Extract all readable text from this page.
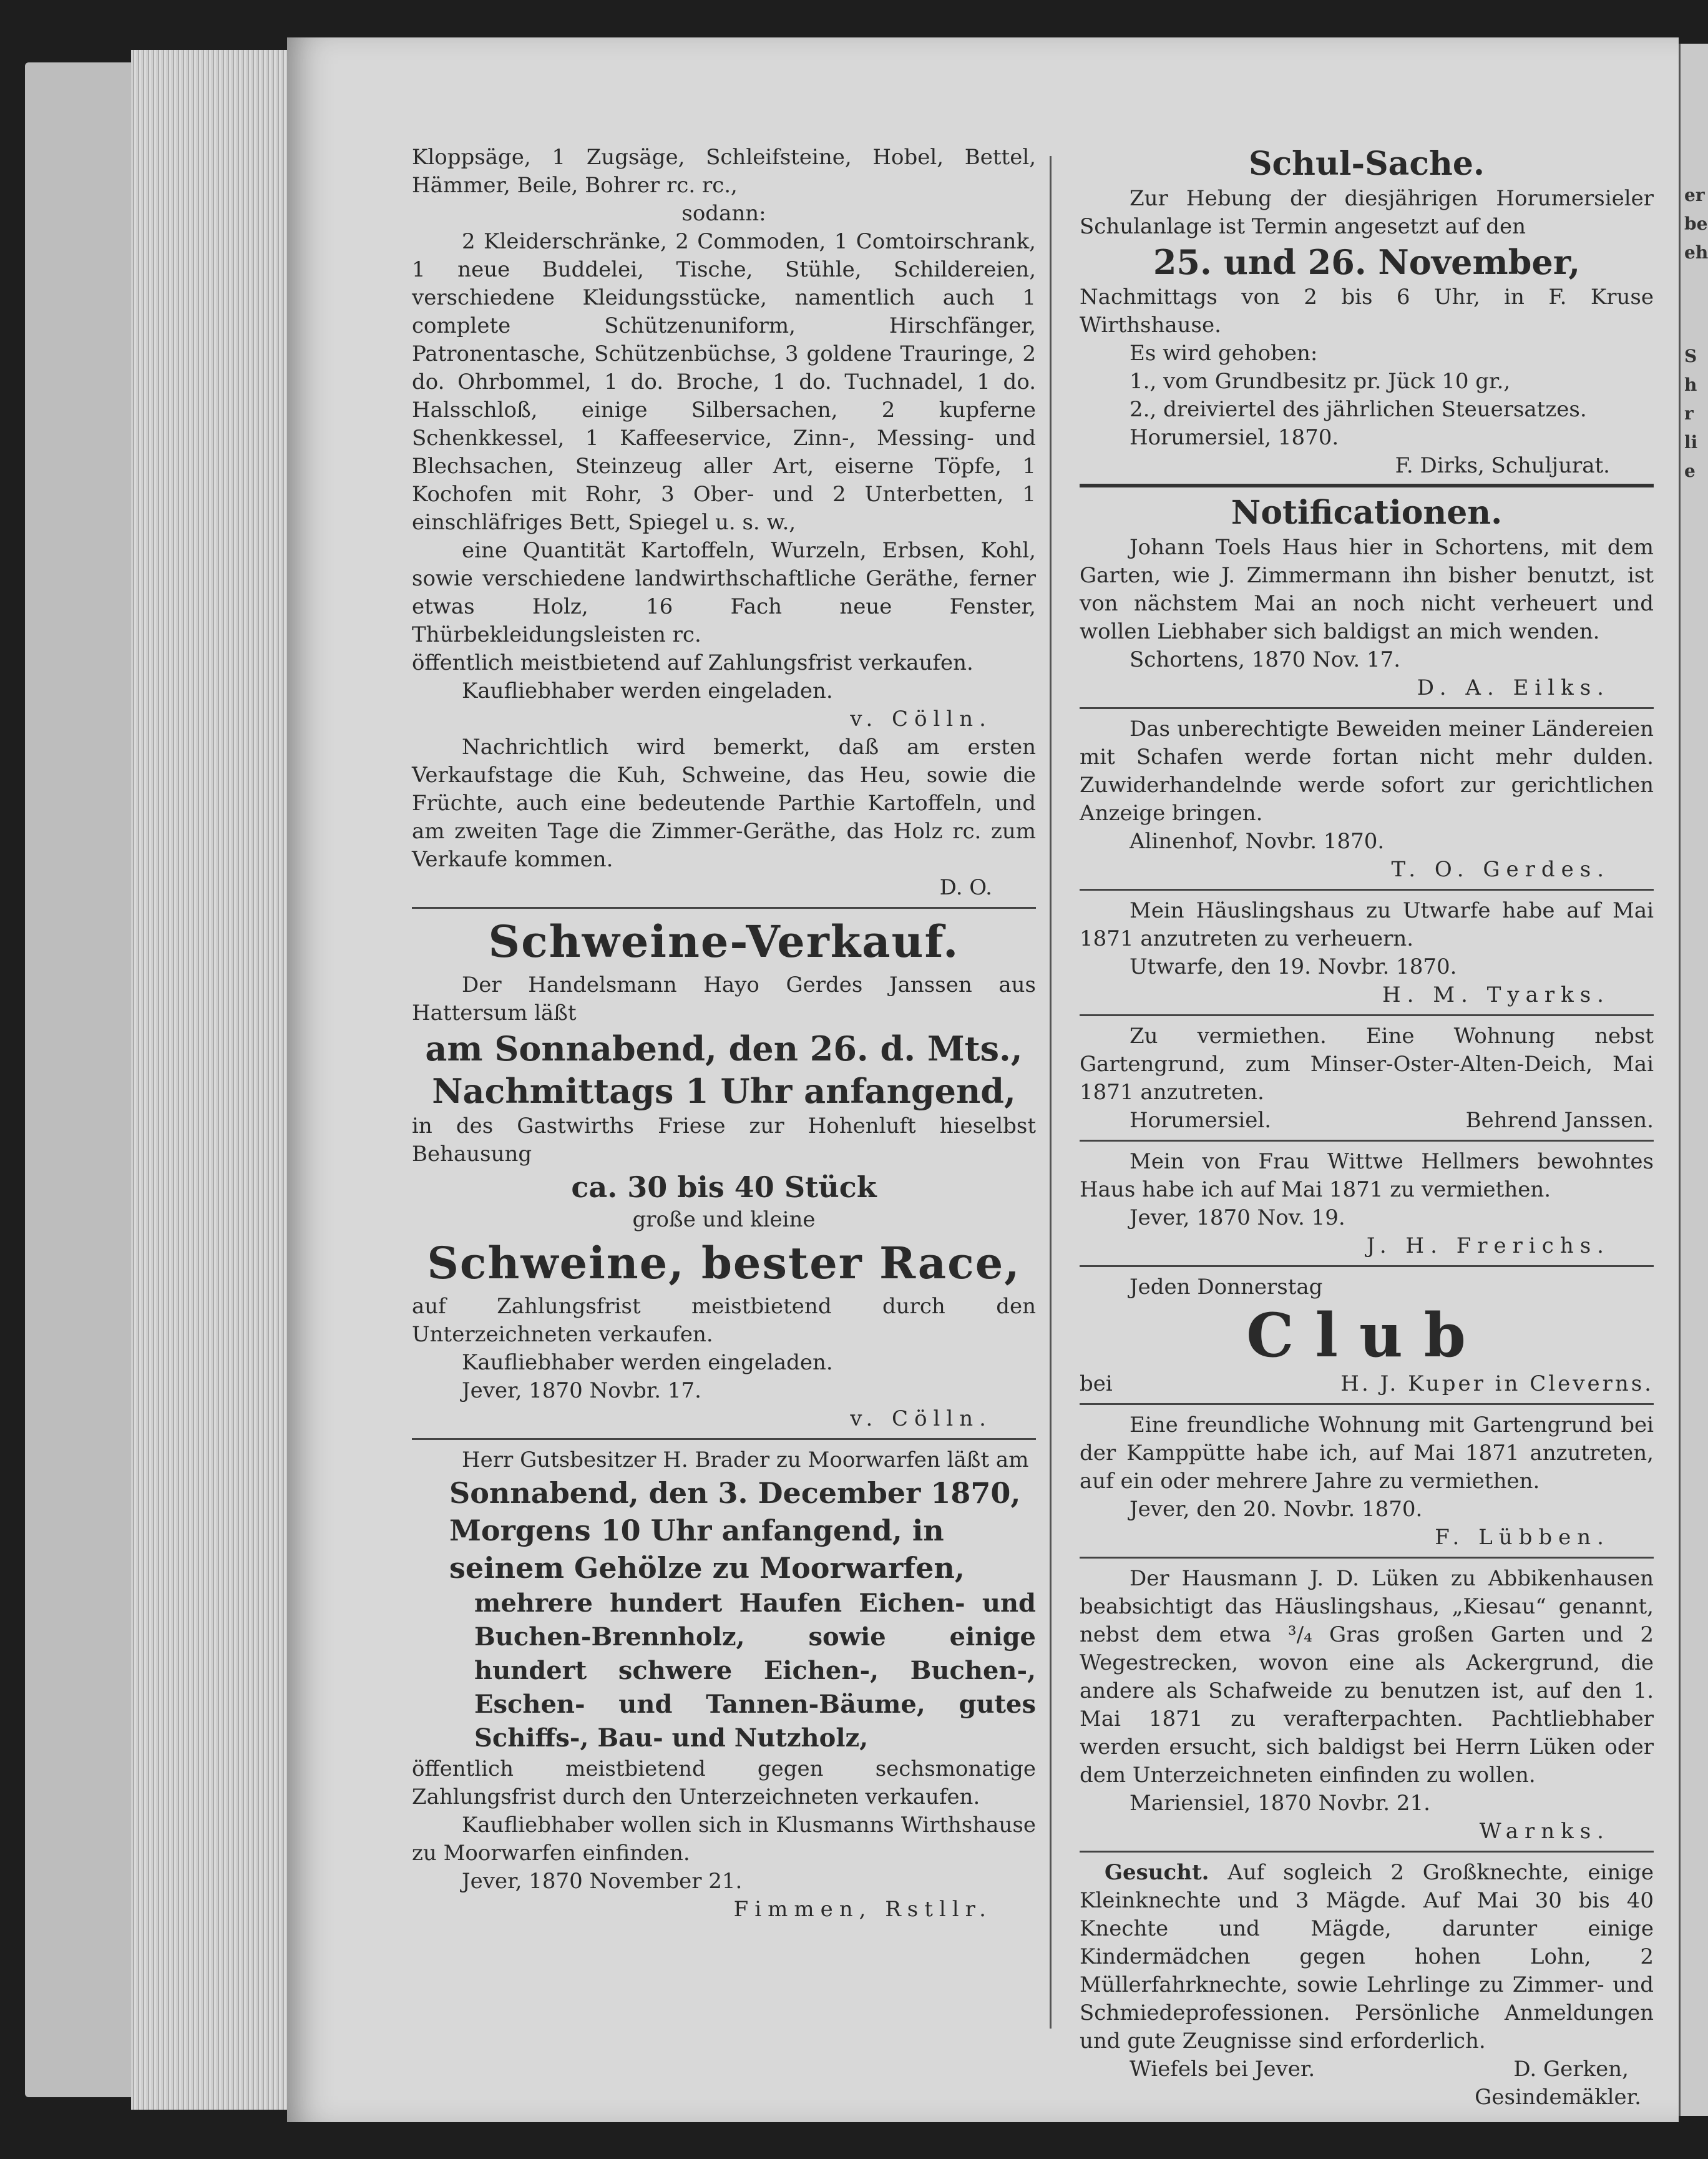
Kloppsäge, 1 Zugsäge, Schleifsteine, Hobel, Bettel, Hämmer, Beile, Bohrer rc. rc.,

sodann:

2 Kleiderschränke, 2 Commoden, 1 Comtoirschrank, 1 neue Buddelei, Tische, Stühle, Schildereien, verschiedene Kleidungsstücke, namentlich auch 1 complete Schützenuniform, Hirschfänger, Patronentasche, Schützenbüchse, 3 goldene Trauringe, 2 do. Ohrbommel, 1 do. Broche, 1 do. Tuchnadel, 1 do. Halsschloß, einige Silbersachen, 2 kupferne Schenkkessel, 1 Kaffeeservice, Zinn-, Messing- und Blechsachen, Steinzeug aller Art, eiserne Töpfe, 1 Kochofen mit Rohr, 3 Ober- und 2 Unterbetten, 1 einschläfriges Bett, Spiegel u. s. w.,

eine Quantität Kartoffeln, Wurzeln, Erbsen, Kohl, sowie verschiedene landwirthschaftliche Geräthe, ferner etwas Holz, 16 Fach neue Fenster, Thürbekleidungsleisten rc.

öffentlich meistbietend auf Zahlungsfrist verkaufen.

Kaufliebhaber werden eingeladen.

v. Cölln.

Nachrichtlich wird bemerkt, daß am ersten Verkaufstage die Kuh, Schweine, das Heu, sowie die Früchte, auch eine bedeutende Parthie Kartoffeln, und am zweiten Tage die Zimmer-Geräthe, das Holz rc. zum Verkaufe kommen.

D. O.

Schweine-Verkauf.

Der Handelsmann Hayo Gerdes Janssen aus Hattersum läßt

am Sonnabend, den 26. d. Mts.,

Nachmittags 1 Uhr anfangend,

in des Gastwirths Friese zur Hohenluft hieselbst Behausung

ca. 30 bis 40 Stück

große und kleine

Schweine, bester Race,

auf Zahlungsfrist meistbietend durch den Unterzeichneten verkaufen.

Kaufliebhaber werden eingeladen.

Jever, 1870 Novbr. 17.

v. Cölln.

Herr Gutsbesitzer H. Brader zu Moorwarfen läßt am

Sonnabend, den 3. December 1870, Morgens 10 Uhr anfangend, in seinem Gehölze zu Moorwarfen,

mehrere hundert Haufen Eichen- und Buchen-Brennholz, sowie einige hundert schwere Eichen-, Buchen-, Eschen- und Tannen-Bäume, gutes Schiffs-, Bau- und Nutzholz,

öffentlich meistbietend gegen sechsmonatige Zahlungsfrist durch den Unterzeichneten verkaufen.

Kaufliebhaber wollen sich in Klusmanns Wirthshause zu Moorwarfen einfinden.

Jever, 1870 November 21.

Fimmen, Rstllr.

Schul-Sache.

Zur Hebung der diesjährigen Horumersieler Schulanlage ist Termin angesetzt auf den

25. und 26. November,

Nachmittags von 2 bis 6 Uhr, in F. Kruse Wirthshause.

Es wird gehoben:

1., vom Grundbesitz pr. Jück 10 gr.,

2., dreiviertel des jährlichen Steuersatzes.

Horumersiel, 1870.

F. Dirks, Schuljurat.

Notificationen.

Johann Toels Haus hier in Schortens, mit dem Garten, wie J. Zimmermann ihn bisher benutzt, ist von nächstem Mai an noch nicht verheuert und wollen Liebhaber sich baldigst an mich wenden.

Schortens, 1870 Nov. 17.

D. A. Eilks.

Das unberechtigte Beweiden meiner Ländereien mit Schafen werde fortan nicht mehr dulden. Zuwiderhandelnde werde sofort zur gerichtlichen Anzeige bringen.

Alinenhof, Novbr. 1870.

T. O. Gerdes.

Mein Häuslingshaus zu Utwarfe habe auf Mai 1871 anzutreten zu verheuern.

Utwarfe, den 19. Novbr. 1870.

H. M. Tyarks.

Zu vermiethen. Eine Wohnung nebst Gartengrund, zum Minser-Oster-Alten-Deich, Mai 1871 anzutreten.

Horumersiel.	Behrend Janssen.

Mein von Frau Wittwe Hellmers bewohntes Haus habe ich auf Mai 1871 zu vermiethen.

Jever, 1870 Nov. 19.

J. H. Frerichs.

Jeden Donnerstag

Club

bei	H. J. Kuper in Cleverns.

Eine freundliche Wohnung mit Gartengrund bei der Kamppütte habe ich, auf Mai 1871 anzutreten, auf ein oder mehrere Jahre zu vermiethen.

Jever, den 20. Novbr. 1870.

F. Lübben.

Der Hausmann J. D. Lüken zu Abbikenhausen beabsichtigt das Häuslingshaus, „Kiesau“ genannt, nebst dem etwa ³/₄ Gras großen Garten und 2 Wegestrecken, wovon eine als Ackergrund, die andere als Schafweide zu benutzen ist, auf den 1. Mai 1871 zu verafterpachten. Pachtliebhaber werden ersucht, sich baldigst bei Herrn Lüken oder dem Unterzeichneten einfinden zu wollen.

Mariensiel, 1870 Novbr. 21.

Warnks.

Gesucht. Auf sogleich 2 Großknechte, einige Kleinknechte und 3 Mägde. Auf Mai 30 bis 40 Knechte und Mägde, darunter einige Kindermädchen gegen hohen Lohn, 2 Müllerfahrknechte, sowie Lehrlinge zu Zimmer- und Schmiedeprofessionen. Persönliche Anmeldungen und gute Zeugnisse sind erforderlich.

Wiefels bei Jever.	D. Gerken,

Gesindemäkler.

er
be
eh
S
h
r
li
e
